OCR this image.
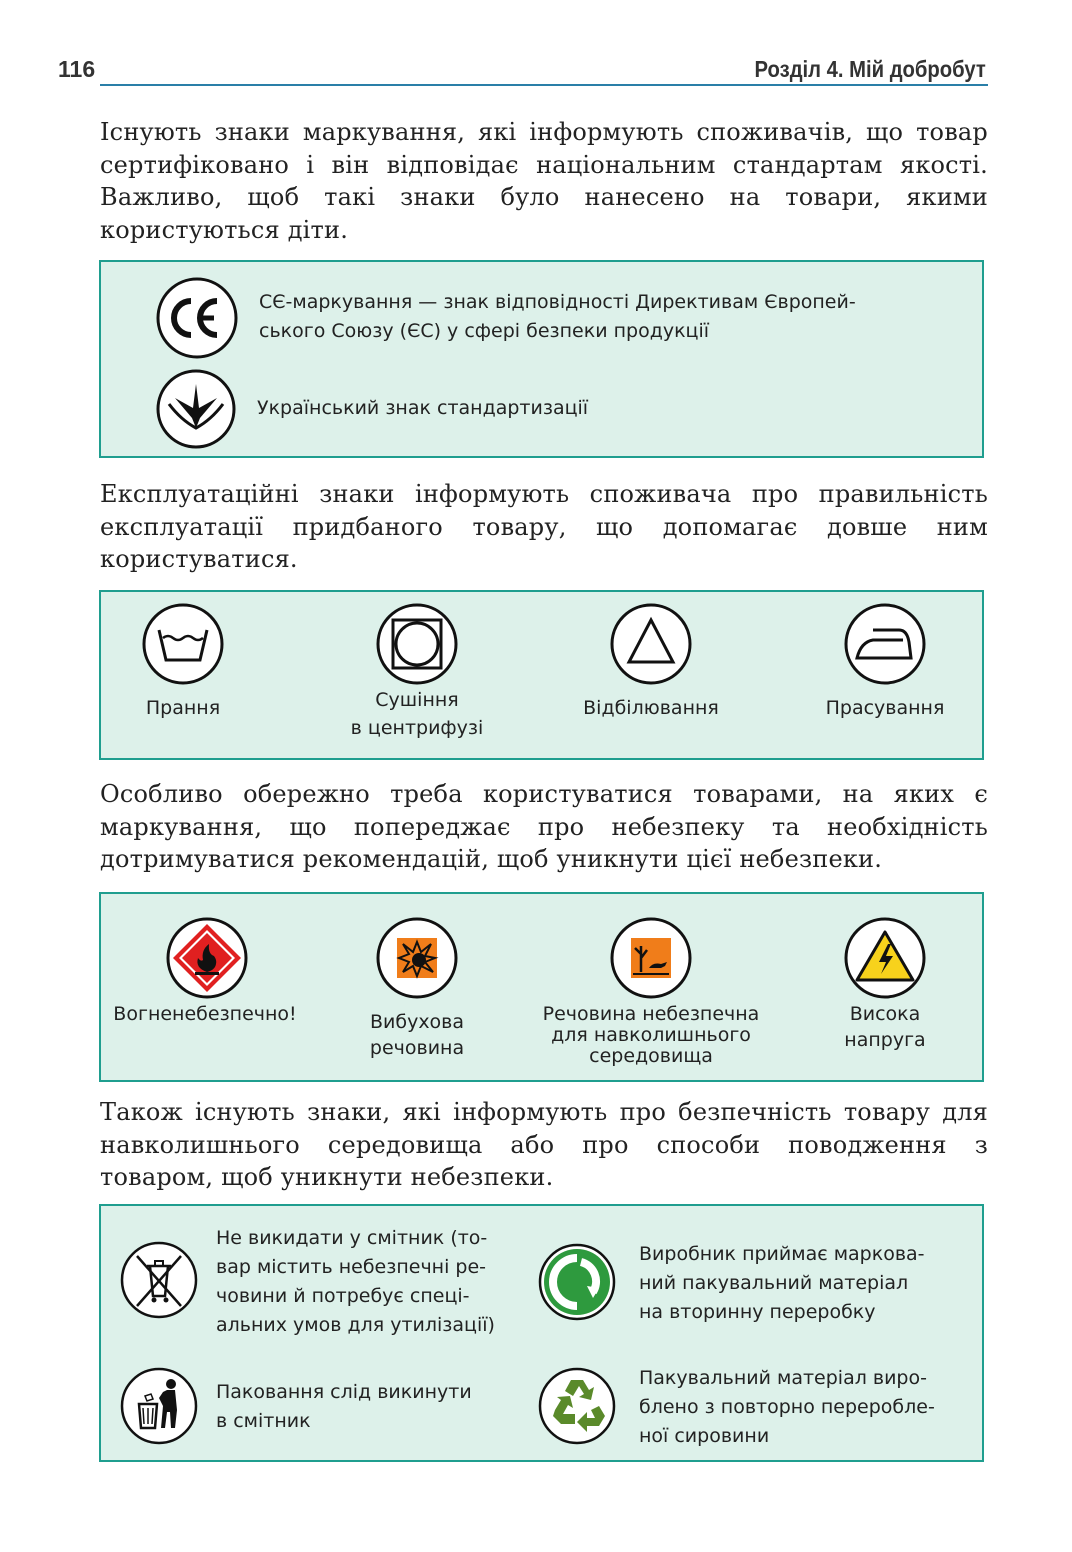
116	Розділ 4. Мій добробут
Існують знаки маркування, які інформують споживачів, що товар сертифіковано і він відповідає національним стандартам якості. Важливо, щоб такі знаки було нанесено на товари, якими користуються діти.
СЄ-маркування — знак відповідності Директивам Європей-
ського Союзу (ЄС) у сфері безпеки продукції
Український знак стандартизації
Експлуатаційні знаки інформують споживача про правильність експлуатації придбаного товару, що допомагає довше ним користуватися.
Прання	Сушіння
в центрифузі
Відбілювання	Прасування
Особливо обережно треба користуватися товарами, на яких є маркування, що попереджає про небезпеку та необхідність дотримуватися рекомендацій, щоб уникнути цієї небезпеки.
Вогненебезпечно!	Вибухова
речовина
Речовина небезпечна
для навколишнього
середовища
Висока
напруга
Також існують знаки, які інформують про безпечність товару для навколишнього середовища або про способи поводження з товаром, щоб уникнути небезпеки.
Не викидати у смітник (то-
вар містить небезпечні ре-
човини й потребує спеці-
альних умов для утилізації)
Виробник приймає маркова-
ний пакувальний матеріал
на вторинну переробку
Паковання слід викинути
в смітник
Пакувальний матеріал виро-
блено з повторно переробле-
ної сировини
